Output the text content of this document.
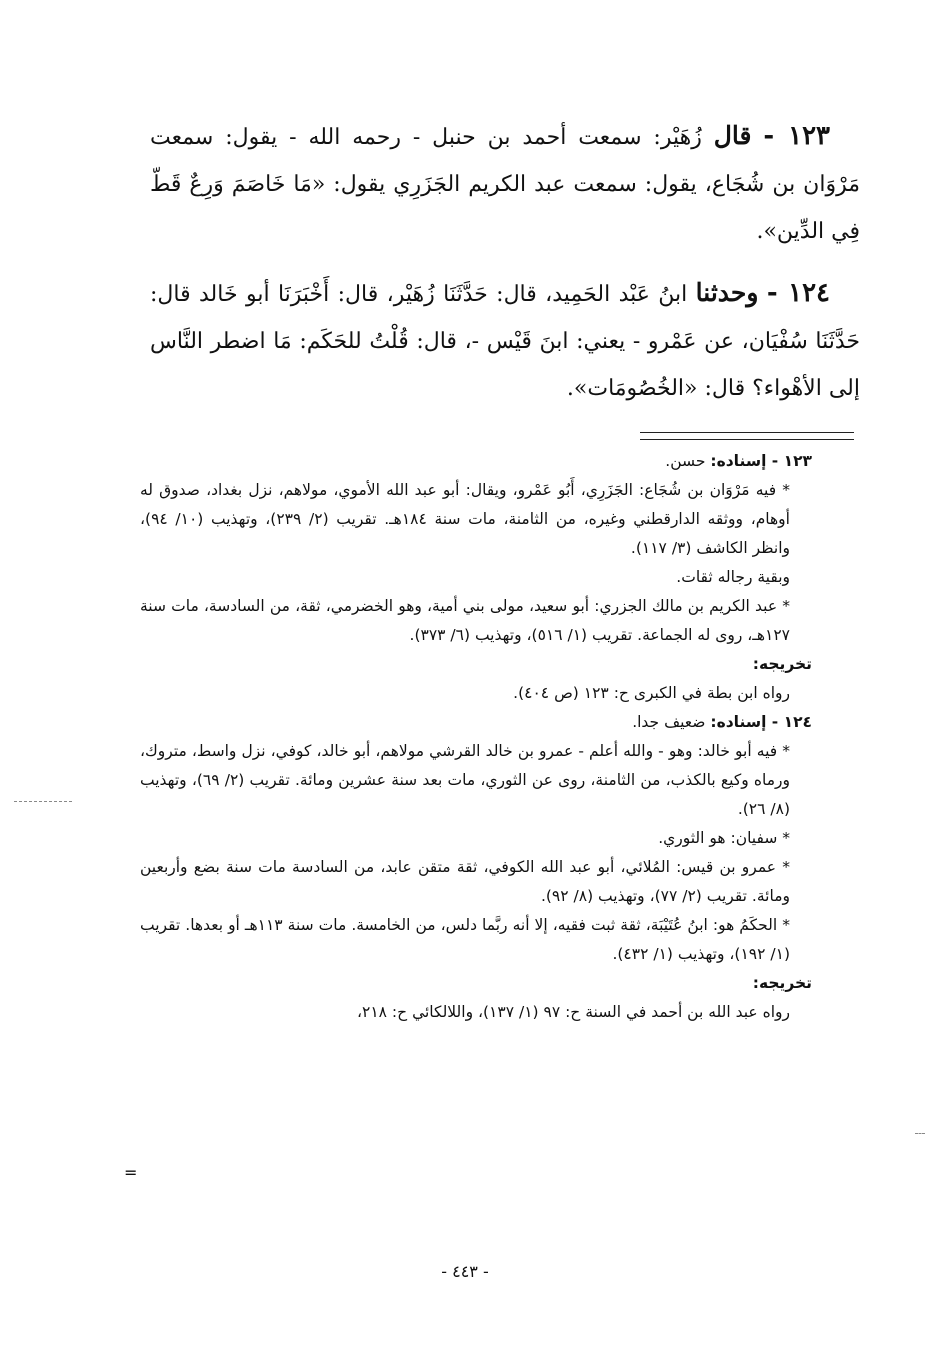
١٢٣ - قال زُهَيْر: سمعت أحمد بن حنبل - رحمه الله - يقول: سمعت مَرْوَان بن شُجَاع، يقول: سمعت عبد الكريم الجَزَرِي يقول: «مَا خَاصَمَ وَرِعٌ قَطّ فِي الدِّين».

١٢٤ - وحدثنا ابنُ عَبْد الحَمِيد، قال: حَدَّثَنَا زُهَيْر، قال: أَخْبَرَنَا أبو خَالد قال: حَدَّثَنَا سُفْيَان، عن عَمْرو - يعني: ابنَ قَيْس -، قال: قُلْتُ للحَكَم: مَا اضطر النَّاس إلى الأهْواء؟ قال: «الخُصُومَات».

١٢٣ - إسناده: حسن.

* فيه مَرْوَان بن شُجَاع: الجَزَرِي، أَبُو عَمْرو، ويقال: أبو عبد الله الأموي، مولاهم، نزل بغداد، صدوق له أوهام، ووثقه الدارقطني وغيره، من الثامنة، مات سنة ١٨٤هـ. تقريب (٢/ ٢٣٩)، وتهذيب (١٠/ ٩٤)، وانظر الكاشف (٣/ ١١٧).

وبقية رجاله ثقات.

* عبد الكريم بن مالك الجزري: أبو سعيد، مولى بني أمية، وهو الخضرمي، ثقة، من السادسة، مات سنة ١٢٧هـ، روى له الجماعة. تقريب (١/ ٥١٦)، وتهذيب (٦/ ٣٧٣).

تخريجه:

رواه ابن بطة في الكبرى ح: ١٢٣ (ص ٤٠٤).

١٢٤ - إسناده: ضعيف جدا.

* فيه أبو خالد: وهو - والله أعلم - عمرو بن خالد القرشي مولاهم، أبو خالد، كوفي، نزل واسط، متروك، ورماه وكيع بالكذب، من الثامنة، روى عن الثوري، مات بعد سنة عشرين ومائة. تقريب (٢/ ٦٩)، وتهذيب (٨/ ٢٦).

* سفيان: هو الثوري.

* عمرو بن قيس: المُلائي، أبو عبد الله الكوفي، ثقة متقن عابد، من السادسة مات سنة بضع وأربعين ومائة. تقريب (٢/ ٧٧)، وتهذيب (٨/ ٩٢).

* الحكَمُ هو: ابنُ عُتَيْبَة، ثقة ثبت فقيه، إلا أنه ربَّما دلس، من الخامسة. مات سنة ١١٣هـ أو بعدها. تقريب (١/ ١٩٢)، وتهذيب (١/ ٤٣٢).

تخريجه:

رواه عبد الله بن أحمد في السنة ح: ٩٧ (١/ ١٣٧)، واللالكائي ح: ٢١٨،

=
- ٤٤٣ -
